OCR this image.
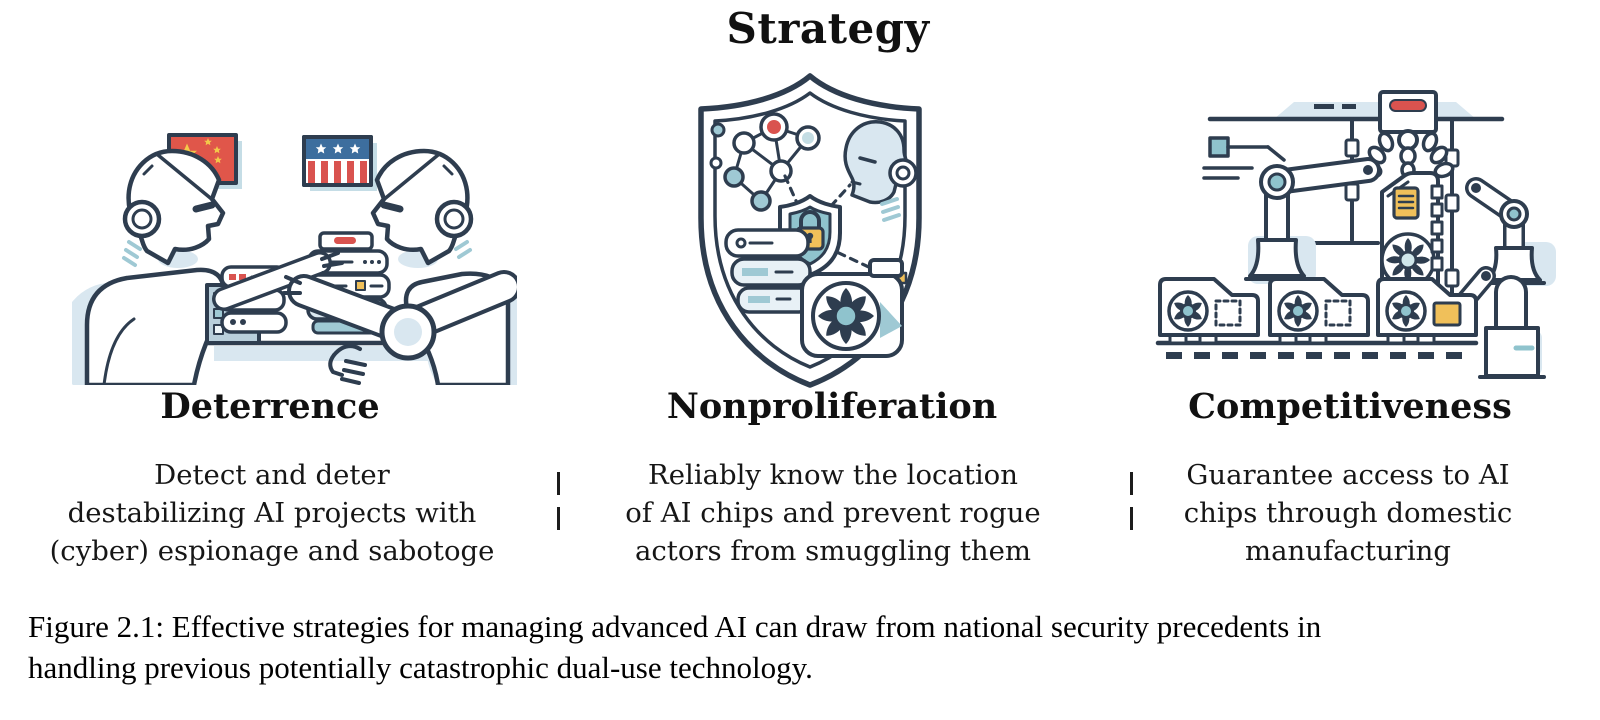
Strategy
Deterrence	Nonproliferation	Competitiveness
Detect and deter
destabilizing AI projects with
(cyber) espionage and sabotoge
Reliably know the location
of AI chips and prevent rogue
actors from smuggling them
Guarantee access to AI
chips through domestic
manufacturing
Figure 2.1: Effective strategies for managing advanced AI can draw from national security precedents in
handling previous potentially catastrophic dual-use technology.
